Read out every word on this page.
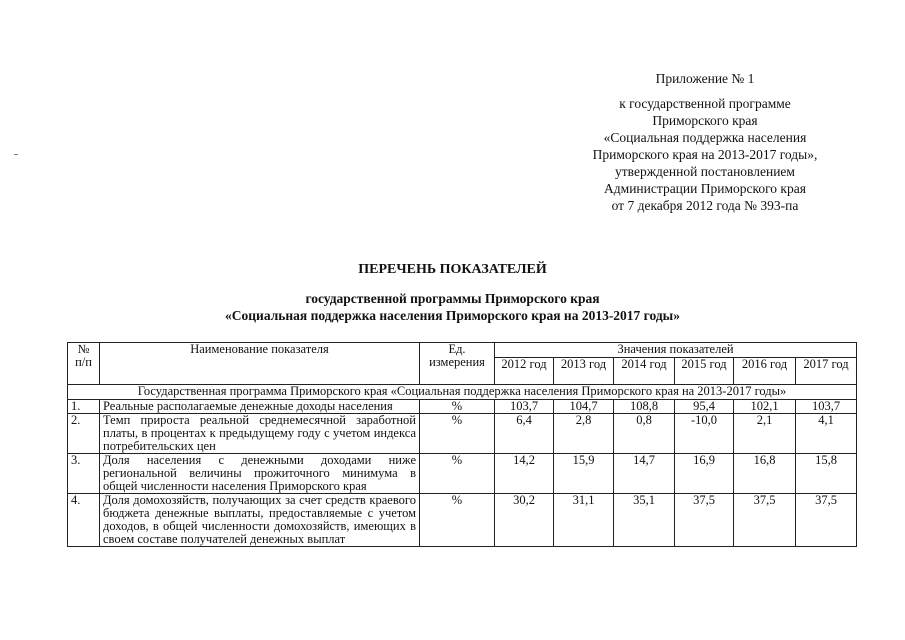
Приложение № 1
к государственной программе
Приморского края
«Социальная поддержка населения
Приморского края на 2013-2017 годы»,
утвержденной постановлением
Администрации Приморского края
от 7 декабря 2012 года № 393-па
ПЕРЕЧЕНЬ ПОКАЗАТЕЛЕЙ
государственной программы Приморского края
«Социальная поддержка населения Приморского края на 2013-2017 годы»
№ п/п	Наименование показателя	Ед. измерения	Значения показателей					
			2012 год	2013 год	2014 год	2015 год	2016 год	2017 год
Государственная программа Приморского края «Социальная поддержка населения Приморского края на 2013-2017 годы»								
1.	Реальные располагаемые денежные доходы населения	%	103,7	104,7	108,8	95,4	102,1	103,7
2.	Темп прироста реальной среднемесячной заработной платы, в процентах к предыдущему году с учетом индекса потребительских цен	%	6,4	2,8	0,8	-10,0	2,1	4,1
3.	Доля населения с денежными доходами ниже региональной величины прожиточного минимума в общей численности населения Приморского края	%	14,2	15,9	14,7	16,9	16,8	15,8
4.	Доля домохозяйств, получающих за счет средств краевого бюджета денежные выплаты, предоставляемые с учетом доходов, в общей численности домохозяйств, имеющих в своем составе получателей денежных выплат	%	30,2	31,1	35,1	37,5	37,5	37,5
